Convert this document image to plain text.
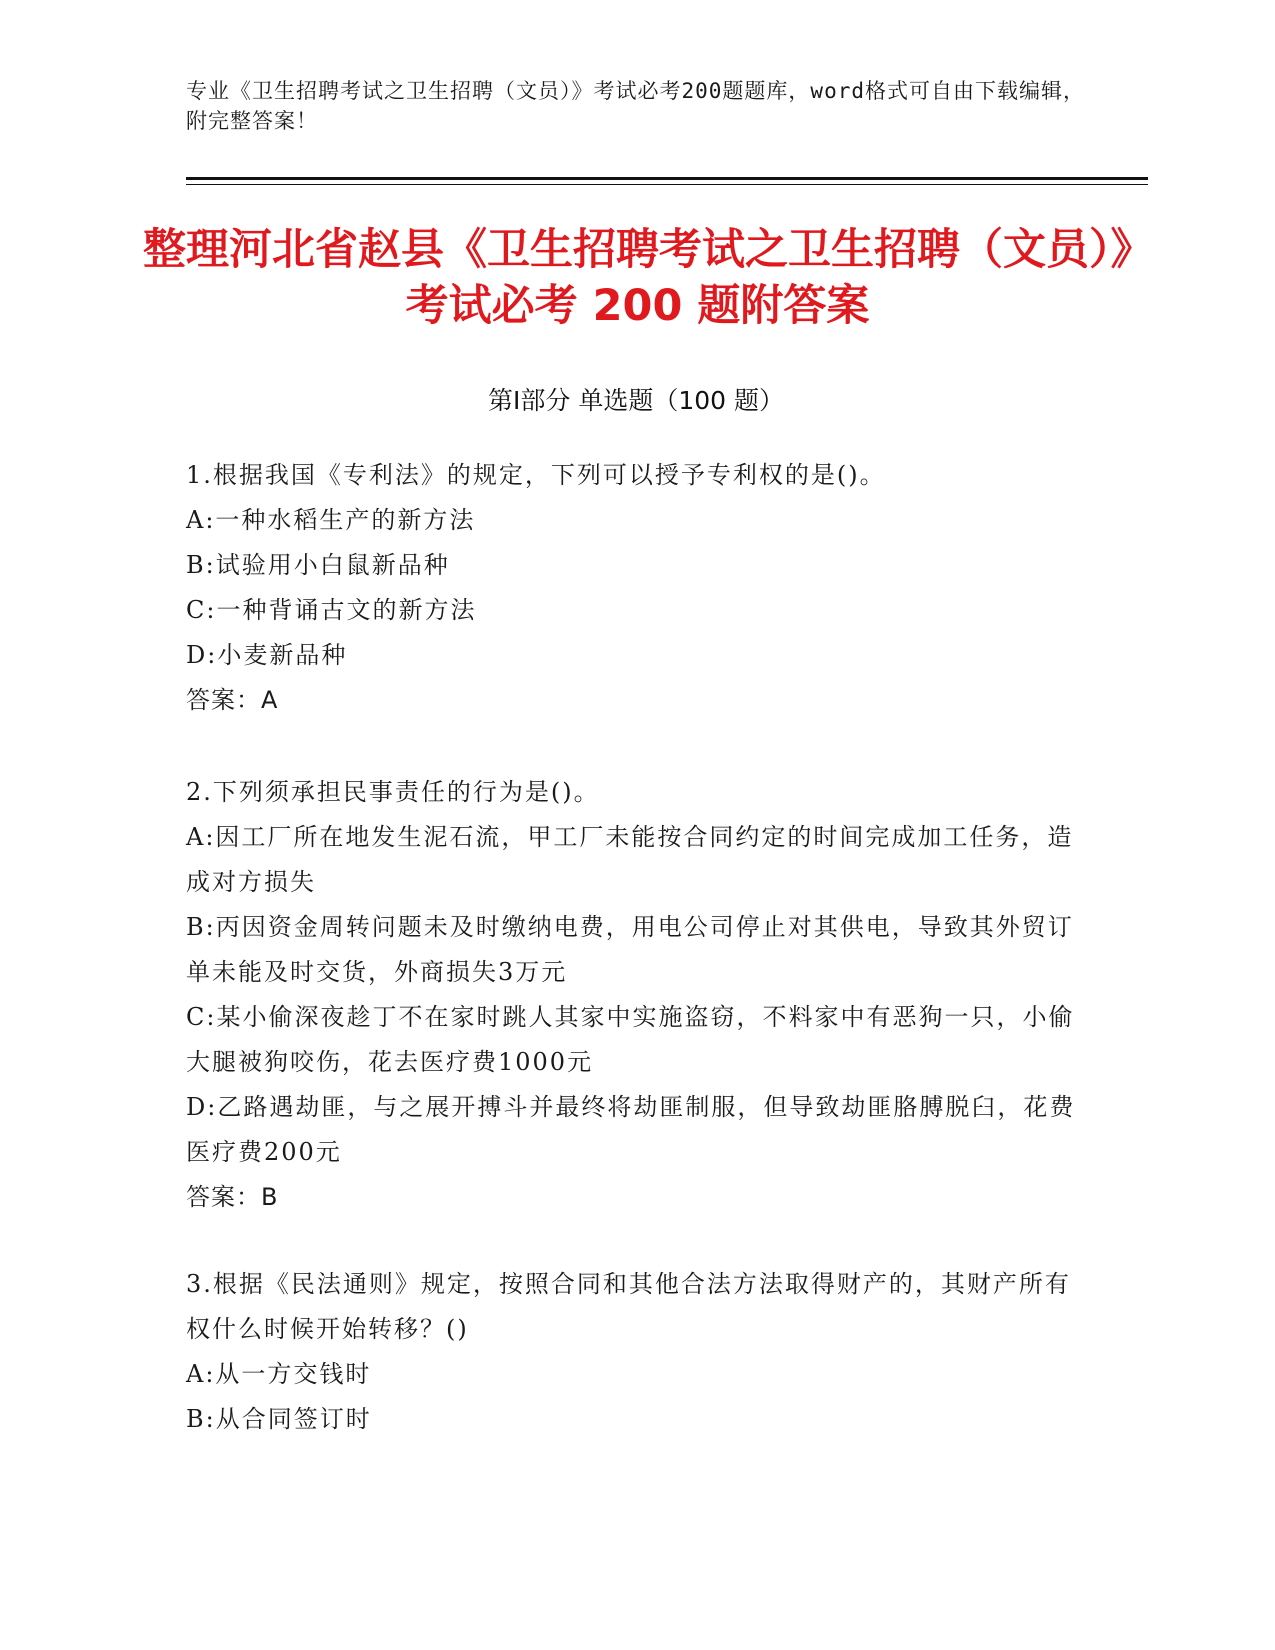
专业《卫生招聘考试之卫生招聘（文员）》考试必考200题题库，word格式可自由下载编辑，附完整答案！
整理河北省赵县《卫生招聘考试之卫生招聘（文员）》考试必考 200 题附答案
第Ⅰ部分 单选题（100 题）

1.根据我国《专利法》的规定，下列可以授予专利权的是()。

A:一种水稻生产的新方法

B:试验用小白鼠新品种

C:一种背诵古文的新方法

D:小麦新品种

答案：A

2.下列须承担民事责任的行为是()。

A:因工厂所在地发生泥石流，甲工厂未能按合同约定的时间完成加工任务，造成对方损失

B:丙因资金周转问题未及时缴纳电费，用电公司停止对其供电，导致其外贸订单未能及时交货，外商损失3万元

C:某小偷深夜趁丁不在家时跳人其家中实施盗窃，不料家中有恶狗一只，小偷大腿被狗咬伤，花去医疗费1000元

D:乙路遇劫匪，与之展开搏斗并最终将劫匪制服，但导致劫匪胳膊脱臼，花费医疗费200元

答案：B

3.根据《民法通则》规定，按照合同和其他合法方法取得财产的，其财产所有权什么时候开始转移？()

A:从一方交钱时

B:从合同签订时
